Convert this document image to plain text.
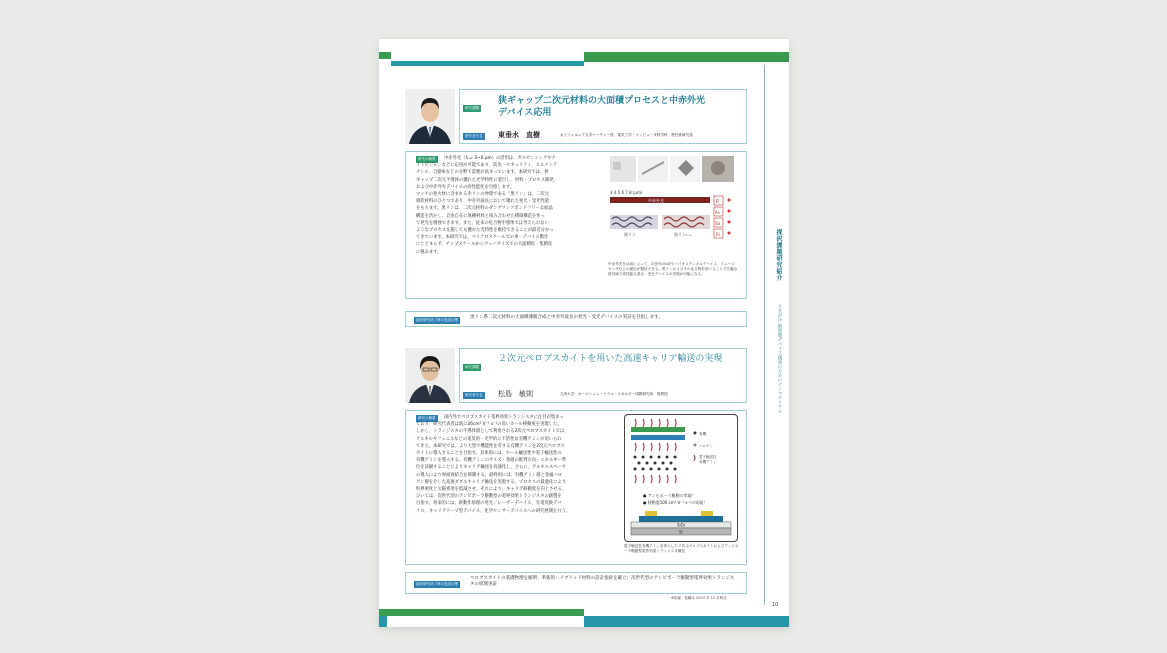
探択課題研究紹介
さきがけ 新原理デバイス創成のためのナノマテリアル
10
研究課題
狭ギャップ二次元材料の大面積プロセスと中赤外光デバイス応用
研究者氏名 東垂水　直樹	カリフォルニア大学バークレー校　電気工学・コンピュータ科学科　特任准研究員
研究の概要	中赤外光（λ = 3~6 μm）の活用は、ガスセンシングやナ
イトビジョンなどに応用が可能であり、防災・セキュリティ、ヒルメンテ
ナンス、自動車などの分野で需要が高まっています。本研究では、狭
ギャップ二次元半導体の優れた光学特性に着目し、材料・プロセス開発、
および中赤外光デバイスの高性能化を目指します。
マッチの発火材に含まれる赤リンの仲間である「黒リン」は、二次元
層状材料のひとつであり、中赤外波長において優れた発光・受光性能
をもちます。黒リンは、二次元材料のダングリングボンドフリーな結晶
構造を活かし、自由自在に異種材料と組み合わせた積層構造を作っ
て発光を増強できます。また、従来の化合物半導体では考えられない
ようなプロセスを施しても優れた光特性を維持できることが最近分かっ
てきています。本研究では、マイクロスケールでの単一デバイス動作
にとどまらず、チップスケールからウェハサイズでの大面積化・集積化
に挑みます。
3 4 5 6 7 8 (μm)
中赤外光
黒リン	黒リン₁₋ₓ
P
As
Sb
Bi
中赤外光を活用によって、次世代のIoTやバイオメディカルデバイス、イメージセンサなどの創出が期待できる。黒リンおよびその化合物を用いることで広範な波長域で高性能な発光・受光デバイスの実現が可能になる。
最終研究終了時の達成目標	黒リン系二次元材料の大面積薄膜合成と中赤外波長の発光・受光デバイスの実証を目指します。
研究課題
２次元ペロブスカイトを用いた高速キャリア輸送の実現
研究者氏名 松島　敏則	九州大学　カーボンニュートラル・エネルギー国際研究所　准教授
研究の概要	国内外でペロブスカイト電界効果トランジスタに注目が集まっ
ており、研究代表者は既に26cm² V⁻¹ s⁻¹の高いホール移動度を実現した。
しかし、トランジスタの半導体層として利用される2次元ペロブスカイトでは、
アルキルやフェニルなどの電気的・光学的に不活性な有機アミンが用いられ
てきた。本研究では、より大型で機能性を有する有機アミンを2次元ペロブス
カイトに導入することを目指す。具体的には、ホール輸送性や電子輸送性の
有機アミンを導入する。有機アミンのサイズ・各層の配列方向・エネルギー準
位を詳細することによりキャリア輸送を高速化し、さらに、アルキルスペーサ
の導入により界面再結合を抑制する。最終的には、有機アミン層と金属ハロ
ゲン層を介した高速ダブルキャリア輸送を実現する。プロセスの最適化により
粒界密度と欠陥密度を低減させ、それにより、キャリア移動度を向上させる。
ひいては、次世代型のアンビポーラ駆動型の電界効果トランジスタの創製を
目指す。将来的には、新動作原理の発光／レーザーデバイス、光電変換デバ
イス、キャリアドープ型デバイス、化学センサーデバイスへの研究展開を行う。
有機
ハロゲン
電子輸送性
有機アミン
● アンビポーラ駆動の実現！
● 移動度100 cm² V⁻¹ s⁻¹の実現！
SiO₂
Si
電子輸送性有機アミンを導入した２次元ペロブスカイトおよびアンビポーラ駆動型電界効果トランジスタ構造
最終研究終了時の達成目標
ペロブスカイトの基礎物理を解明；革新的ハイブリッド材料の設計指針を確立；次世代型のアンビポーラ駆動型電界効果トランジスタの原理実証
※所属・役職は 2023 年 12 月時点
